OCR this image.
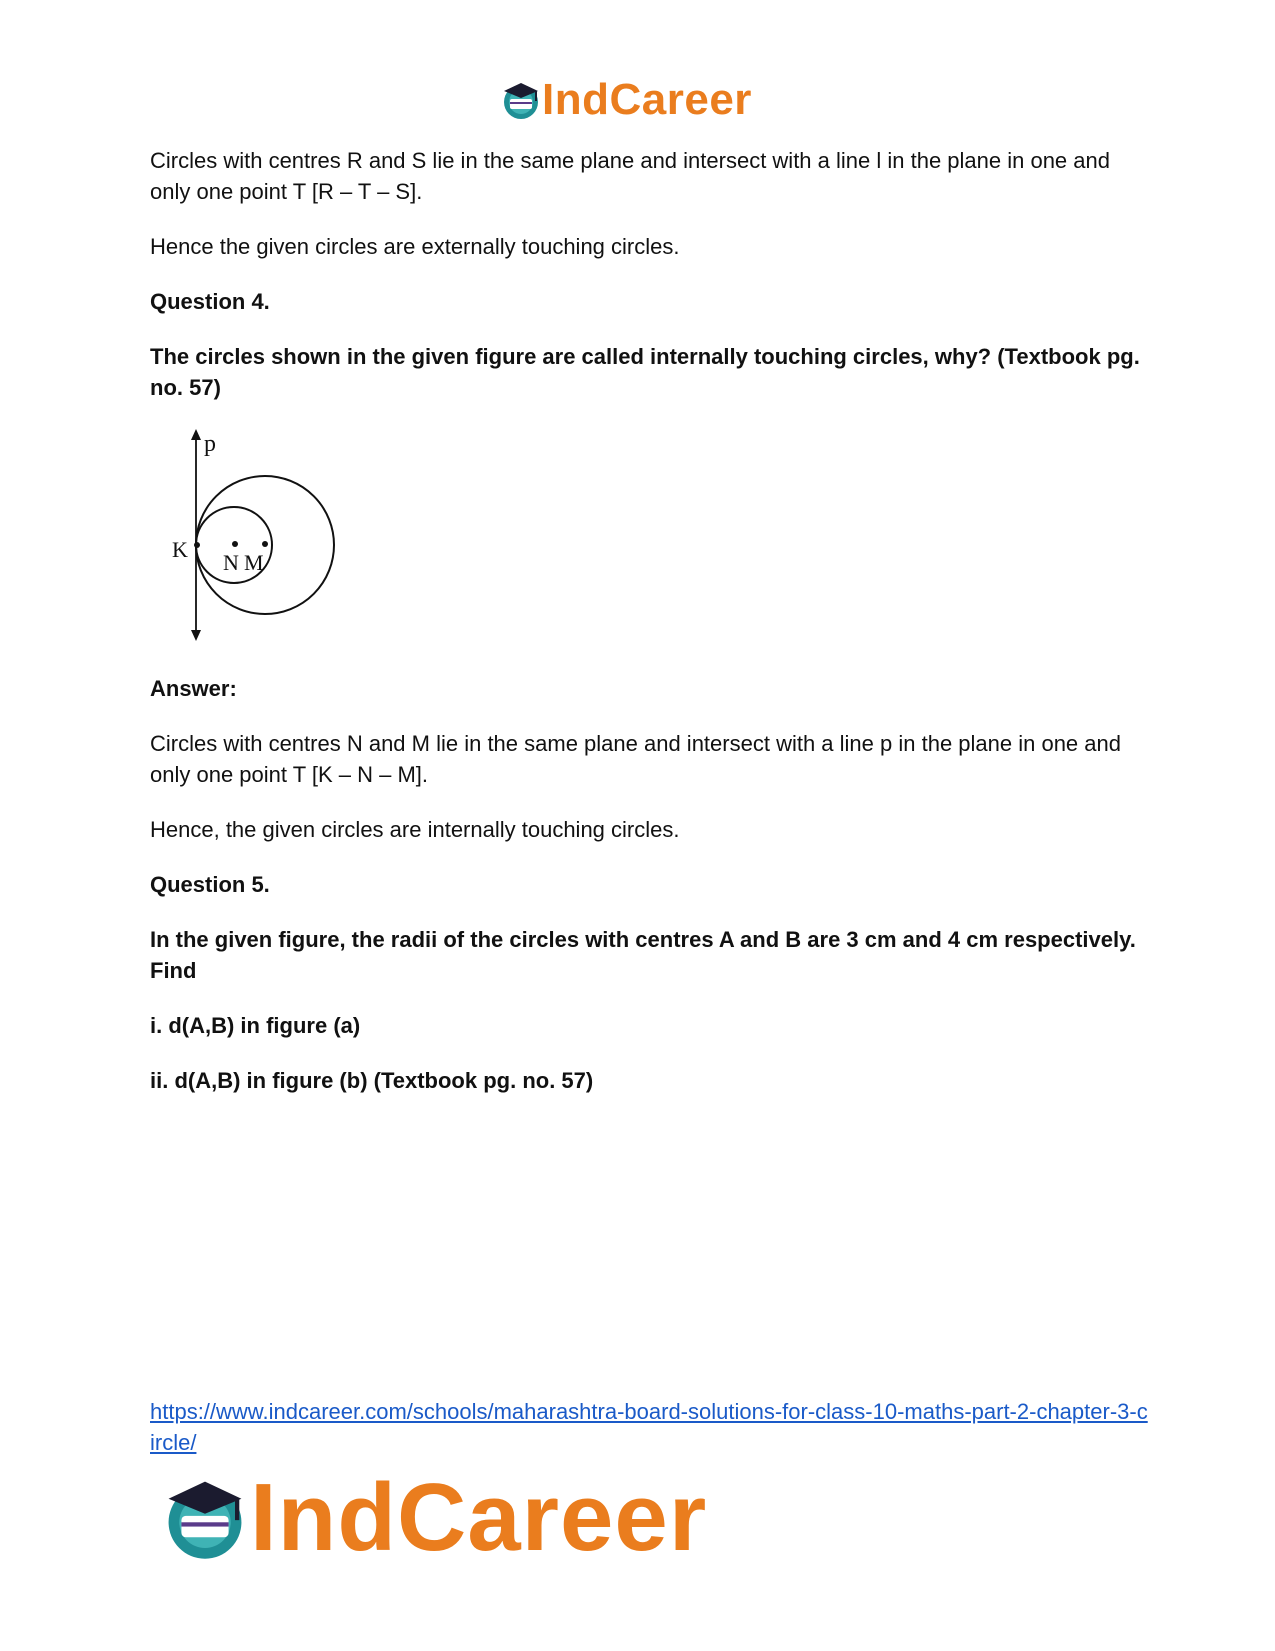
IndCareer

Circles with centres R and S lie in the same plane and intersect with a line l in the plane in one and only one point T [R – T – S].

Hence the given circles are externally touching circles.

Question 4.

The circles shown in the given figure are called internally touching circles, why? (Textbook pg. no. 57)

p
K
N M

Answer:

Circles with centres N and M lie in the same plane and intersect with a line p in the plane in one and only one point T [K – N – M].

Hence, the given circles are internally touching circles.

Question 5.

In the given figure, the radii of the circles with centres A and B are 3 cm and 4 cm respectively. Find

i. d(A,B) in figure (a)

ii. d(A,B) in figure (b) (Textbook pg. no. 57)

https://www.indcareer.com/schools/maharashtra-board-solutions-for-class-10-maths-part-2-chapter-3-circle/
IndCareer
